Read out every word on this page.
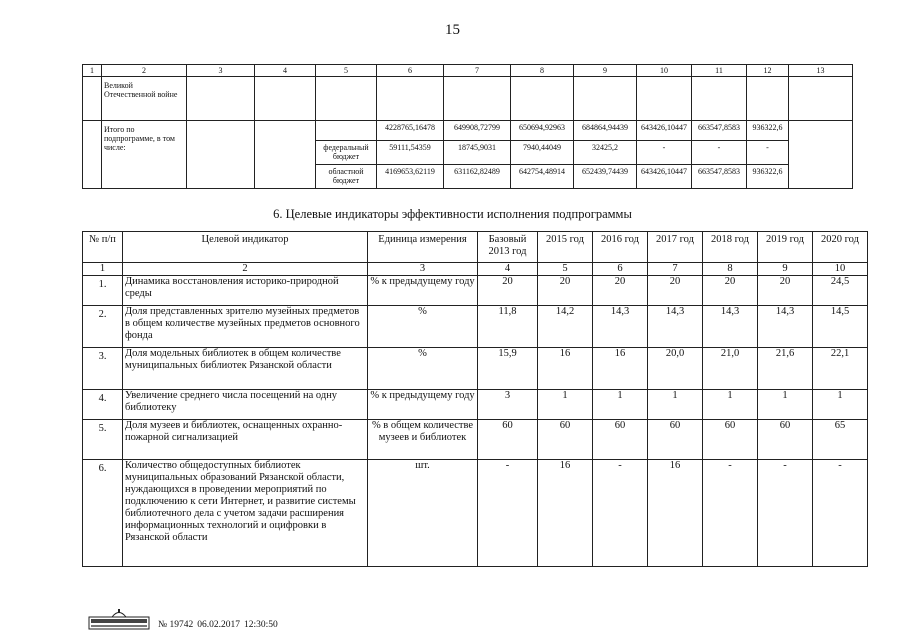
15
1	2	3	4	5	6	7	8	9	10	11	12	13
	Великой Отечественной войне											
	Итого по подпрограмме, в том числе:				4228765,16478	649908,72799	650694,92963	684864,94439	643426,10447	663547,8583	936322,6	
				федеральный бюджет	59111,54359	18745,9031	7940,44049	32425,2	-	-	-	
				областной бюджет	4169653,62119	631162,82489	642754,48914	652439,74439	643426,10447	663547,8583	936322,6	
6. Целевые индикаторы эффективности исполнения подпрограммы
№ п/п	Целевой индикатор	Единица измерения	Базовый 2013 год	2015 год	2016 год	2017 год	2018 год	2019 год	2020 год
1	2	3	4	5	6	7	8	9	10
1.	Динамика восстановления историко-природной среды	% к предыдущему году	20	20	20	20	20	20	24,5
2.	Доля представленных зрителю музейных предметов в общем количестве музейных предметов основного фонда	%	11,8	14,2	14,3	14,3	14,3	14,3	14,5
3.	Доля модельных библиотек в общем количестве муниципальных библиотек Рязанской области	%	15,9	16	16	20,0	21,0	21,6	22,1
4.	Увеличение среднего числа посещений на одну библиотеку	% к предыдущему году	3	1	1	1	1	1	1
5.	Доля музеев и библиотек, оснащенных охранно-пожарной сигнализацией	% в общем количестве музеев и библиотек	60	60	60	60	60	60	65
6.	Количество общедоступных библиотек муниципальных образований Рязанской области, нуждающихся в проведении мероприятий по подключению к сети Интернет, и развитие системы библиотечного дела с учетом задачи расширения информационных технологий и оцифровки в Рязанской области	шт.	-	16	-	16	-	-	-
№ 19742 06.02.2017 12:30:50
